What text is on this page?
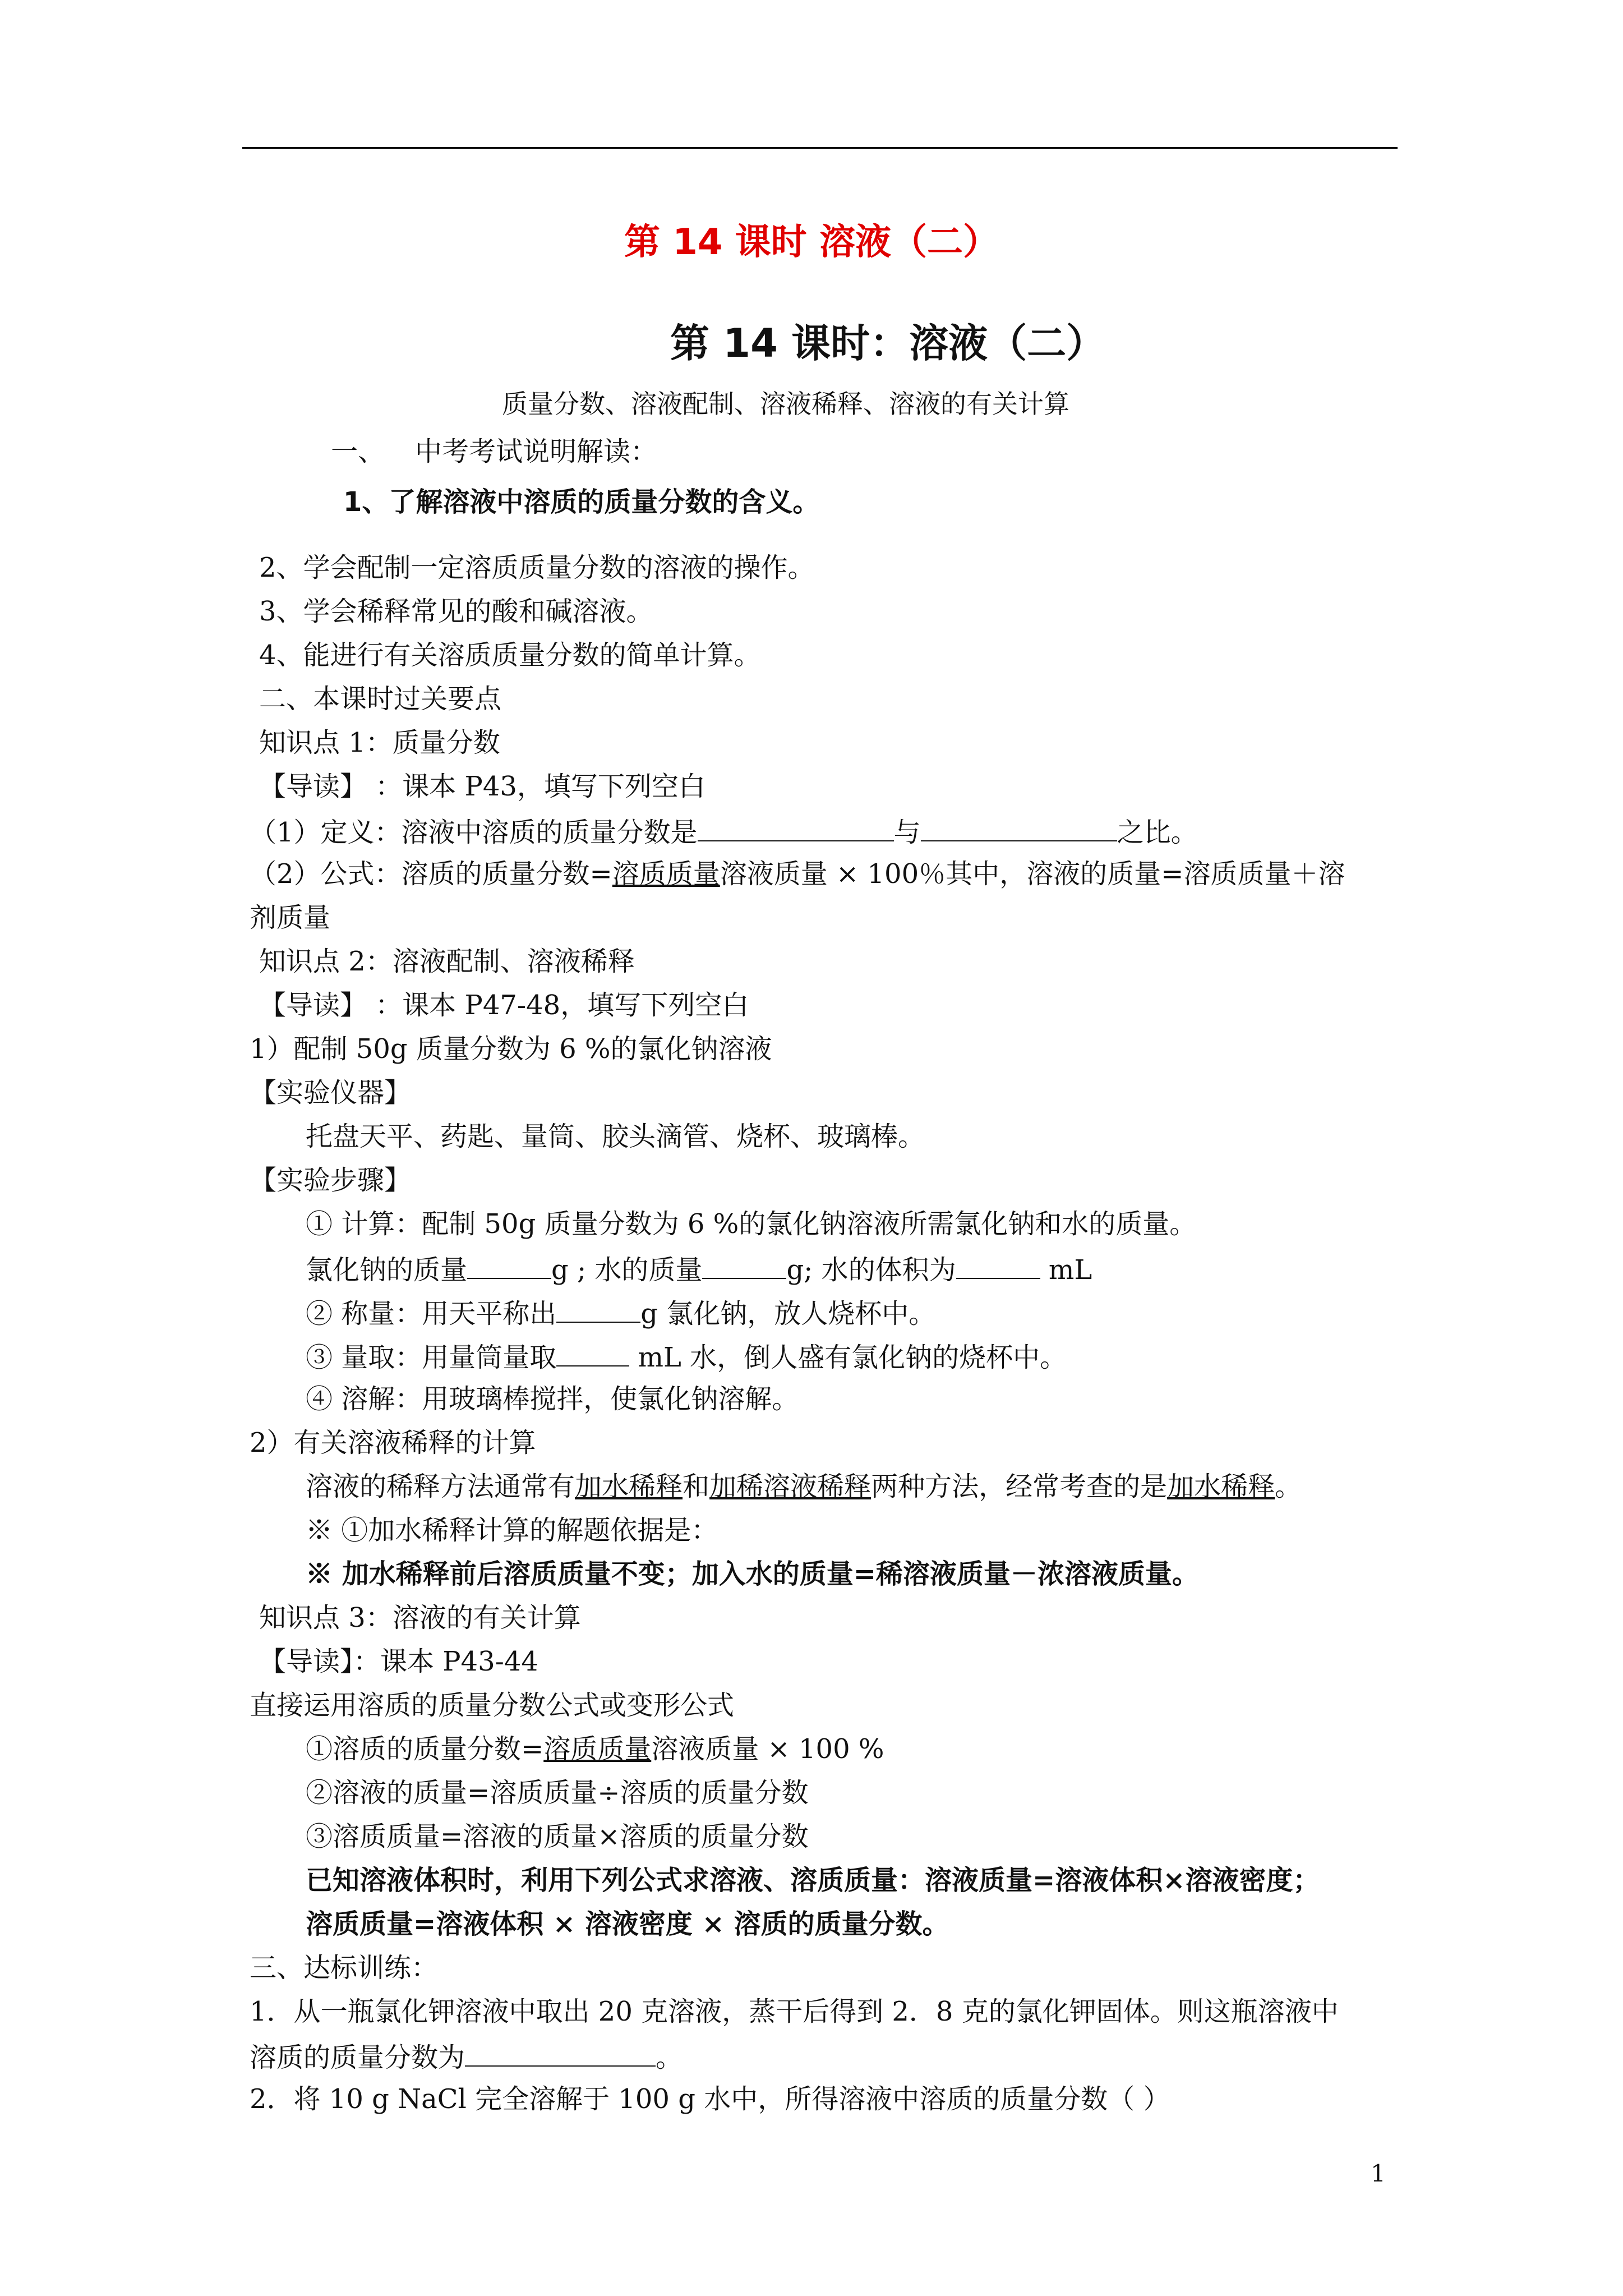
第 14 课时 溶液（二）
第 14 课时：溶液（二）
质量分数、溶液配制、溶液稀释、溶液的有关计算
一、 中考考试说明解读：
1、了解溶液中溶质的质量分数的含义。
2、学会配制一定溶质质量分数的溶液的操作。
3、学会稀释常见的酸和碱溶液。
4、能进行有关溶质质量分数的简单计算。
二、本课时过关要点
知识点 1：质量分数
【导读】 ：课本 P43，填写下列空白
（1）定义：溶液中溶质的质量分数是	与	之比。
（2）公式：溶质的质量分数=溶质质量溶液质量 × 100％其中，溶液的质量=溶质质量＋溶
剂质量
知识点 2：溶液配制、溶液稀释
【导读】 ：课本 P47-48，填写下列空白
1）配制 50g 质量分数为 6 %的氯化钠溶液
【实验仪器】
托盘天平、药匙、量筒、胶头滴管、烧杯、玻璃棒。
【实验步骤】
① 计算：配制 50g 质量分数为 6 %的氯化钠溶液所需氯化钠和水的质量。
氯化钠的质量	g ; 水的质量	g; 水的体积为	mL
② 称量：用天平称出	g 氯化钠，放人烧杯中。
③ 量取：用量筒量取	mL 水，倒人盛有氯化钠的烧杯中。
④ 溶解：用玻璃棒搅拌，使氯化钠溶解。
2）有关溶液稀释的计算
溶液的稀释方法通常有加水稀释和加稀溶液稀释两种方法，经常考查的是加水稀释。
※ ①加水稀释计算的解题依据是：
※ 加水稀释前后溶质质量不变；加入水的质量=稀溶液质量－浓溶液质量。
知识点 3：溶液的有关计算
【导读】：课本 P43-44
直接运用溶质的质量分数公式或变形公式
①溶质的质量分数=溶质质量溶液质量 × 100 %
②溶液的质量=溶质质量÷溶质的质量分数
③溶质质量=溶液的质量×溶质的质量分数
已知溶液体积时，利用下列公式求溶液、溶质质量：溶液质量=溶液体积×溶液密度；
溶质质量=溶液体积 × 溶液密度 × 溶质的质量分数。
三、达标训练：
1．从一瓶氯化钾溶液中取出 20 克溶液，蒸干后得到 2．8 克的氯化钾固体。则这瓶溶液中
溶质的质量分数为	。
2．将 10 g NaCl 完全溶解于 100 g 水中，所得溶液中溶质的质量分数（ ）
1
